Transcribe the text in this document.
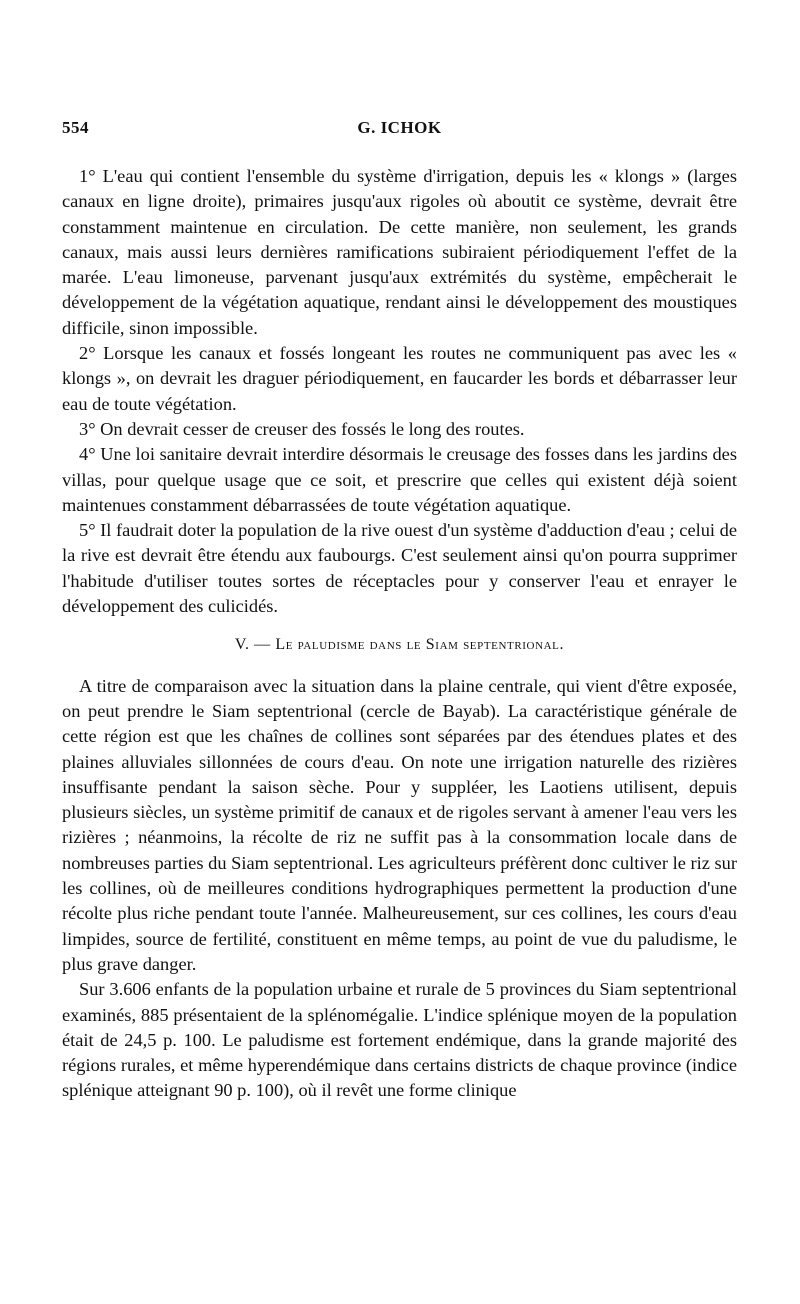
554	G. ICHOK

1° L'eau qui contient l'ensemble du système d'irrigation, depuis les « klongs » (larges canaux en ligne droite), primaires jusqu'aux rigoles où aboutit ce système, devrait être constamment maintenue en circulation. De cette manière, non seulement, les grands canaux, mais aussi leurs dernières ramifications subiraient périodiquement l'effet de la marée. L'eau limoneuse, parvenant jusqu'aux extrémités du système, empêcherait le développement de la végétation aquatique, rendant ainsi le développement des moustiques difficile, sinon impossible.

2° Lorsque les canaux et fossés longeant les routes ne communiquent pas avec les « klongs », on devrait les draguer périodiquement, en faucarder les bords et débarrasser leur eau de toute végétation.

3° On devrait cesser de creuser des fossés le long des routes.

4° Une loi sanitaire devrait interdire désormais le creusage des fosses dans les jardins des villas, pour quelque usage que ce soit, et prescrire que celles qui existent déjà soient maintenues constamment débarrassées de toute végétation aquatique.

5° Il faudrait doter la population de la rive ouest d'un système d'adduction d'eau ; celui de la rive est devrait être étendu aux faubourgs. C'est seulement ainsi qu'on pourra supprimer l'habitude d'utiliser toutes sortes de réceptacles pour y conserver l'eau et enrayer le développement des culicidés.

V. — Le paludisme dans le Siam septentrional.

A titre de comparaison avec la situation dans la plaine centrale, qui vient d'être exposée, on peut prendre le Siam septentrional (cercle de Bayab). La caractéristique générale de cette région est que les chaînes de collines sont séparées par des étendues plates et des plaines alluviales sillonnées de cours d'eau. On note une irrigation naturelle des rizières insuffisante pendant la saison sèche. Pour y suppléer, les Laotiens utilisent, depuis plusieurs siècles, un système primitif de canaux et de rigoles servant à amener l'eau vers les rizières ; néanmoins, la récolte de riz ne suffit pas à la consommation locale dans de nombreuses parties du Siam septentrional. Les agriculteurs préfèrent donc cultiver le riz sur les collines, où de meilleures conditions hydrographiques permettent la production d'une récolte plus riche pendant toute l'année. Malheureusement, sur ces collines, les cours d'eau limpides, source de fertilité, constituent en même temps, au point de vue du paludisme, le plus grave danger.

Sur 3.606 enfants de la population urbaine et rurale de 5 provinces du Siam septentrional examinés, 885 présentaient de la splénomégalie. L'indice splénique moyen de la population était de 24,5 p. 100. Le paludisme est fortement endémique, dans la grande majorité des régions rurales, et même hyperendémique dans certains districts de chaque province (indice splénique atteignant 90 p. 100), où il revêt une forme clinique
